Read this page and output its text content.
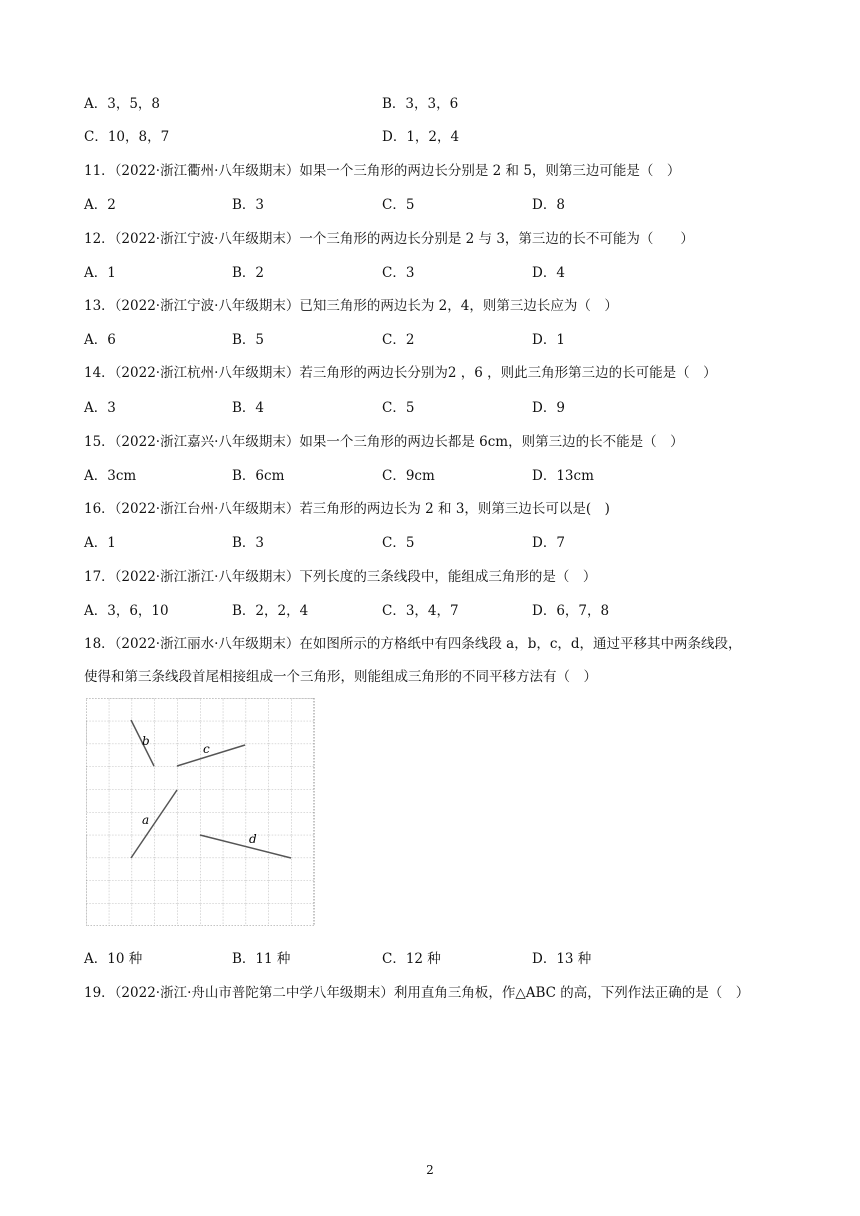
A．3，5，8	B．3，3，6
C．10，8，7	D．1，2，4
11．（2022·浙江衢州·八年级期末）如果一个三角形的两边长分别是 2 和 5，则第三边可能是（　）
A．2	B．3	C．5	D．8
12．（2022·浙江宁波·八年级期末）一个三角形的两边长分别是 2 与 3，第三边的长不可能为（　　）
A．1	B．2	C．3	D．4
13．（2022·浙江宁波·八年级期末）已知三角形的两边长为 2，4，则第三边长应为（　）
A．6	B．5	C．2	D．1
14．（2022·浙江杭州·八年级期末）若三角形的两边长分别为2 ，6 ，则此三角形第三边的长可能是（　）
A．3	B．4	C．5	D．9
15．（2022·浙江嘉兴·八年级期末）如果一个三角形的两边长都是 6cm，则第三边的长不能是（　）
A．3cm	B．6cm	C．9cm	D．13cm
16．（2022·浙江台州·八年级期末）若三角形的两边长为 2 和 3，则第三边长可以是(　)
A．1	B．3	C．5	D．7
17．（2022·浙江浙江·八年级期末）下列长度的三条线段中，能组成三角形的是（　）
A．3，6，10	B．2，2，4	C．3，4，7	D．6，7，8
18．（2022·浙江丽水·八年级期末）在如图所示的方格纸中有四条线段 a，b，c，d，通过平移其中两条线段，
使得和第三条线段首尾相接组成一个三角形，则能组成三角形的不同平移方法有（　）
b
c
a
d
A．10 种	B．11 种	C．12 种	D．13 种
19．（2022·浙江·舟山市普陀第二中学八年级期末）利用直角三角板，作△ABC 的高，下列作法正确的是（　）
2
